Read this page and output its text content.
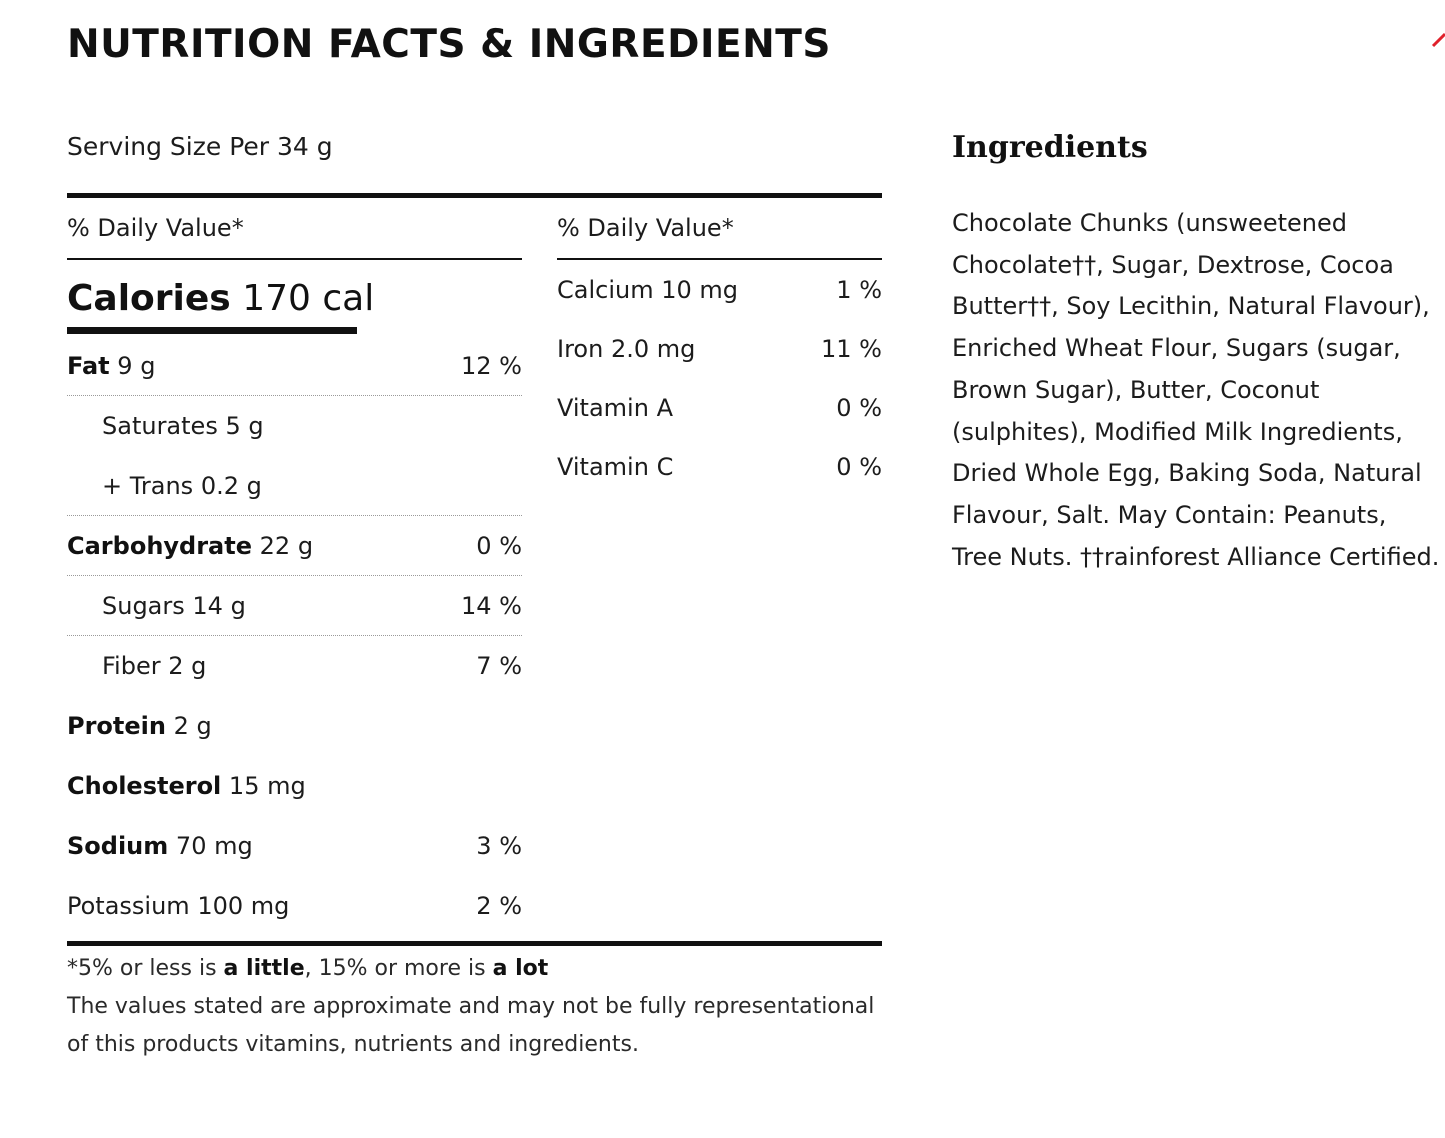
NUTRITION FACTS & INGREDIENTS
Serving Size Per 34 g
% Daily Value*
Calories 170 cal
Fat 9 g	12 %
Saturates 5 g
+ Trans 0.2 g
Carbohydrate 22 g	0 %
Sugars 14 g	14 %
Fiber 2 g	7 %
Protein 2 g
Cholesterol 15 mg
Sodium 70 mg	3 %
Potassium 100 mg	2 %
% Daily Value*
Calcium 10 mg	1 %
Iron 2.0 mg	11 %
Vitamin A	0 %
Vitamin C	0 %
*5% or less is a little, 15% or more is a lot
The values stated are approximate and may not be fully representational of this products vitamins, nutrients and ingredients.
Ingredients

Chocolate Chunks (unsweetened Chocolate††, Sugar, Dextrose, Cocoa Butter††, Soy Lecithin, Natural Flavour), Enriched Wheat Flour, Sugars (sugar, Brown Sugar), Butter, Coconut (sulphites), Modified Milk Ingredients, Dried Whole Egg, Baking Soda, Natural Flavour, Salt. May Contain: Peanuts, Tree Nuts. ††rainforest Alliance Certified.
